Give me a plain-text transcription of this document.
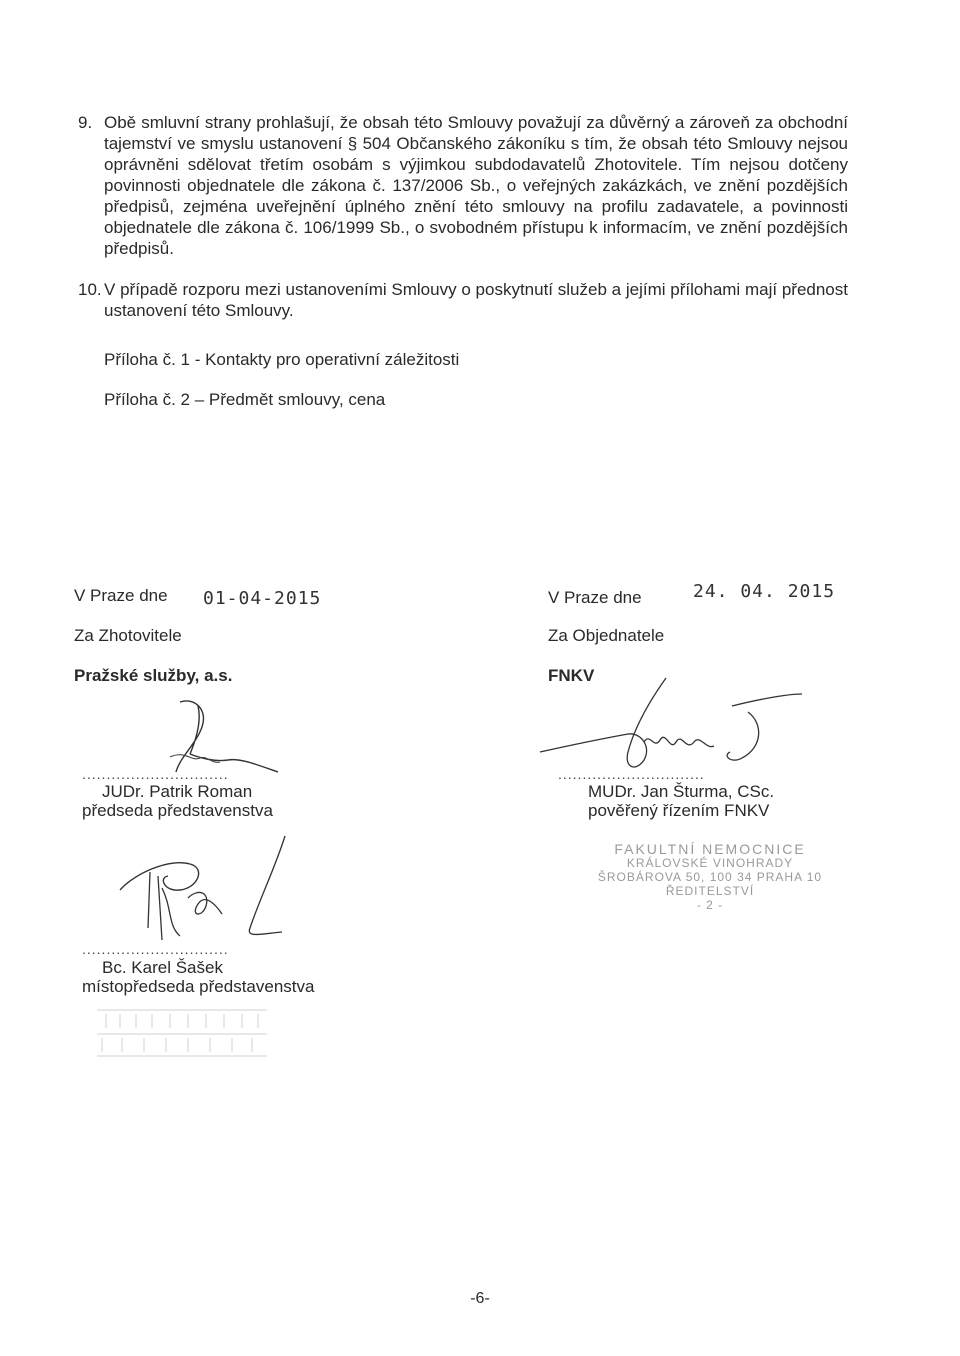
9. Obě smluvní strany prohlašují, že obsah této Smlouvy považují za důvěrný a zároveň za obchodní tajemství ve smyslu ustanovení § 504 Občanského zákoníku s tím, že obsah této Smlouvy nejsou oprávněni sdělovat třetím osobám s výjimkou subdodavatelů Zhotovitele. Tím nejsou dotčeny povinnosti objednatele dle zákona č. 137/2006 Sb., o veřejných zakázkách, ve znění pozdějších předpisů, zejména uveřejnění úplného znění této smlouvy na profilu zadavatele, a povinnosti objednatele dle zákona č. 106/1999 Sb., o svobodném přístupu k informacím, ve znění pozdějších předpisů.
10. V případě rozporu mezi ustanoveními Smlouvy o poskytnutí služeb a jejími přílohami mají přednost ustanovení této Smlouvy.
Příloha č. 1 - Kontakty pro operativní záležitosti
Příloha č. 2 – Předmět smlouvy, cena
V Praze dne 01-04-2015
Za Zhotovitele
Pražské služby, a.s.
..............................
JUDr. Patrik Roman
předseda představenstva
..............................
Bc. Karel Šašek
místopředseda představenstva
V Praze dne	24. 04. 2015
Za Objednatele
FNKV
..............................
MUDr. Jan Šturma, CSc.
pověřený řízením FNKV
FAKULTNÍ NEMOCNICE
KRÁLOVSKÉ VINOHRADY
ŠROBÁROVA 50, 100 34 PRAHA 10
ŘEDITELSTVÍ
- 2 -
-6-
